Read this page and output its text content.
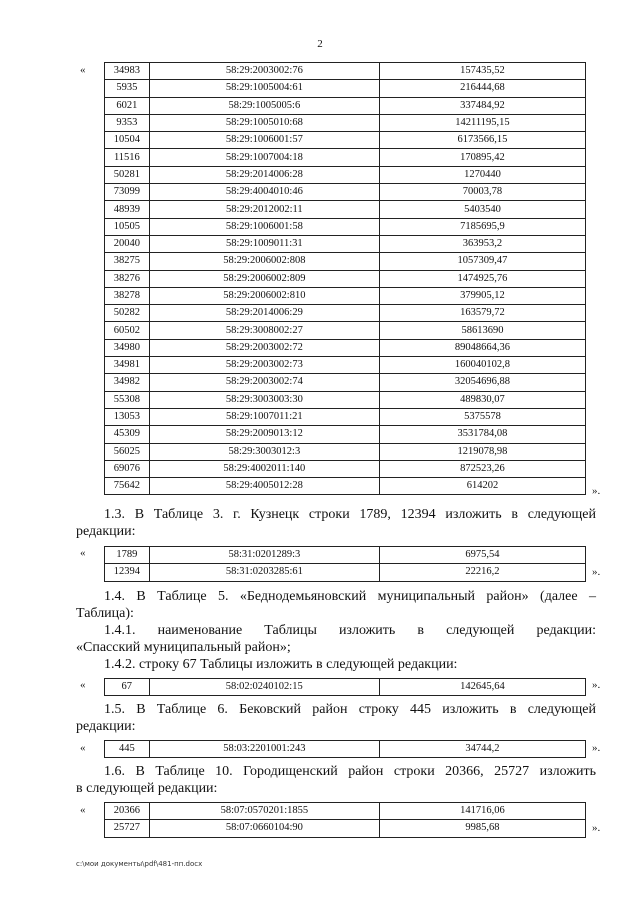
2
«	34983	58:29:2003002:76	157435,52
5935	58:29:1005004:61	216444,68
6021	58:29:1005005:6	337484,92
9353	58:29:1005010:68	14211195,15
10504	58:29:1006001:57	6173566,15
11516	58:29:1007004:18	170895,42
50281	58:29:2014006:28	1270440
73099	58:29:4004010:46	70003,78
48939	58:29:2012002:11	5403540
10505	58:29:1006001:58	7185695,9
20040	58:29:1009011:31	363953,2
38275	58:29:2006002:808	1057309,47
38276	58:29:2006002:809	1474925,76
38278	58:29:2006002:810	379905,12
50282	58:29:2014006:29	163579,72
60502	58:29:3008002:27	58613690
34980	58:29:2003002:72	89048664,36
34981	58:29:2003002:73	160040102,8
34982	58:29:2003002:74	32054696,88
55308	58:29:3003003:30	489830,07
13053	58:29:1007011:21	5375578
45309	58:29:2009013:12	3531784,08
56025	58:29:3003012:3	1219078,98
69076	58:29:4002011:140	872523,26
75642	58:29:4005012:28	614202	».
1.3. В Таблице 3. г. Кузнецк строки 1789, 12394 изложить в следующей
редакции:
«	1789	58:31:0201289:3	6975,54
12394	58:31:0203285:61	22216,2	».
1.4. В Таблице 5. «Беднодемьяновский муниципальный район» (далее –
Таблица):
1.4.1. наименование Таблицы изложить в следующей редакции:
«Спасский муниципальный район»;
1.4.2. строку 67 Таблицы изложить в следующей редакции:
«	67	58:02:0240102:15	142645,64	».
1.5. В Таблице 6. Бековский район строку 445 изложить в следующей
редакции:
«	445	58:03:2201001:243	34744,2	».
1.6. В Таблице 10. Городищенский район строки 20366, 25727 изложить
в следующей редакции:
«	20366	58:07:0570201:1855	141716,06
25727	58:07:0660104:90	9985,68	».
c:\мои документы\pdf\481-пп.docx
